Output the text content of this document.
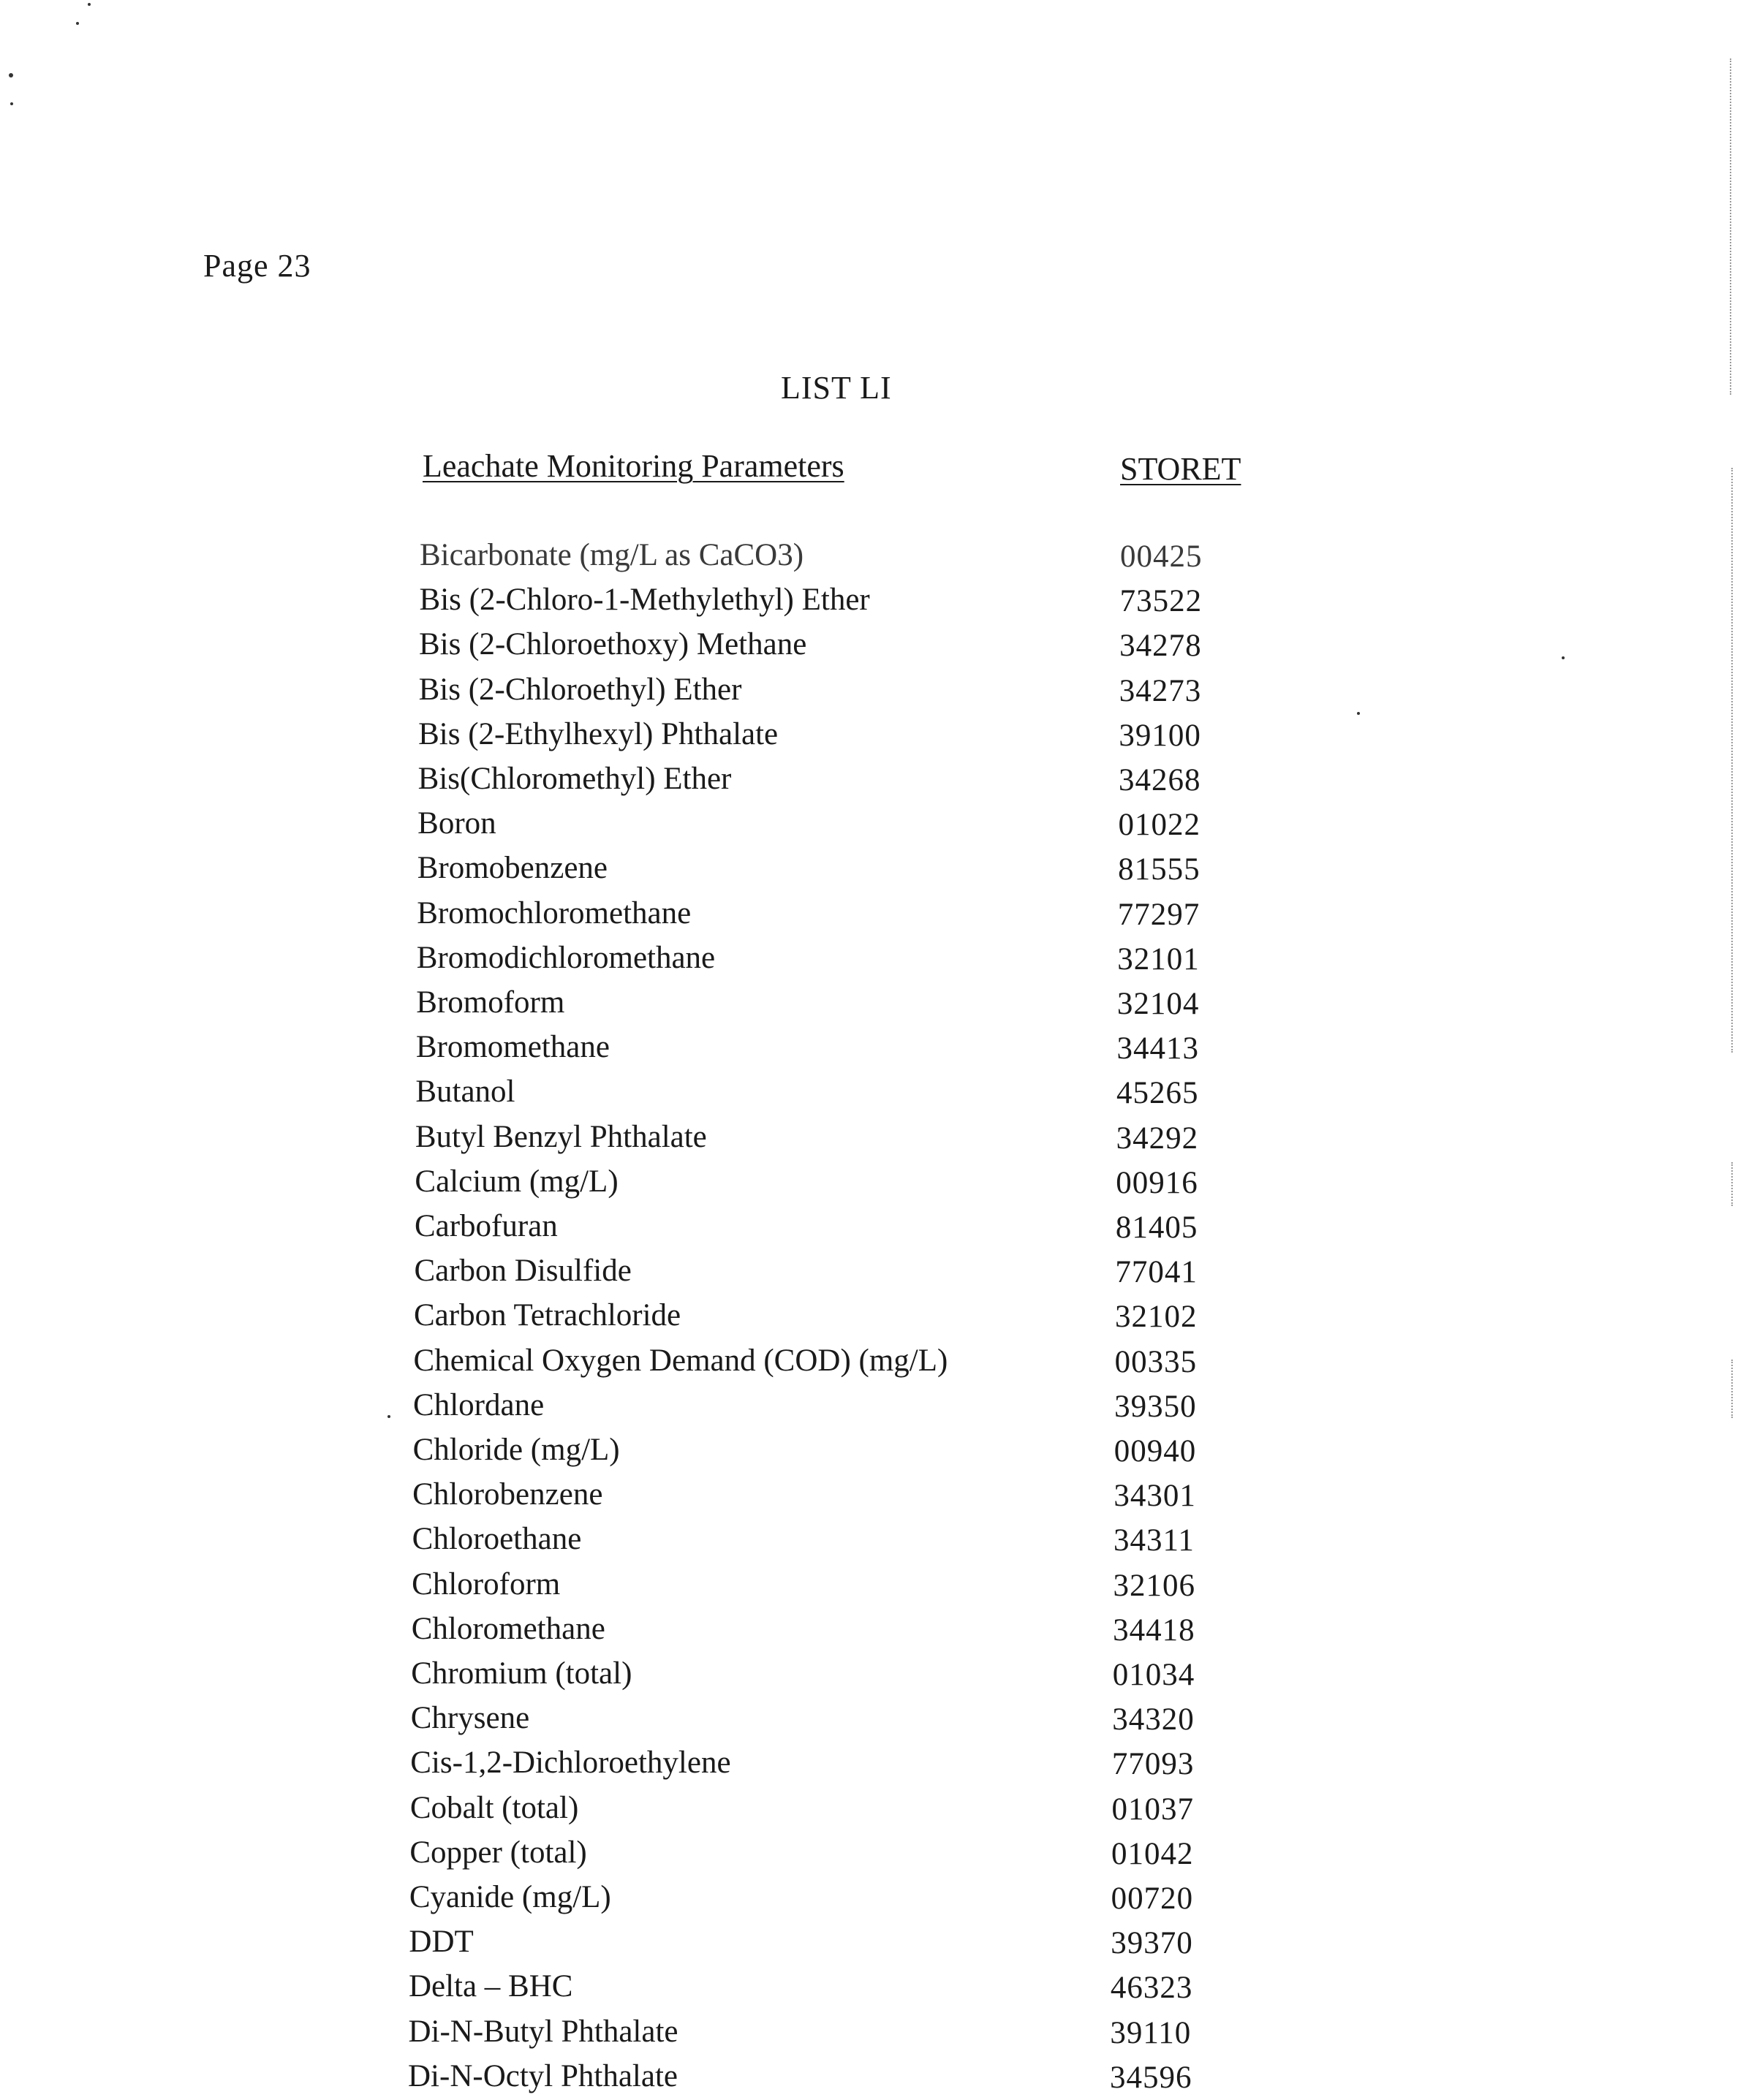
Page 23
LIST LI
Leachate Monitoring Parameters	STORET
Bicarbonate (mg/L as CaCO3)	00425
Bis (2-Chloro-1-Methylethyl) Ether	73522
Bis (2-Chloroethoxy) Methane	34278
Bis (2-Chloroethyl) Ether	34273
Bis (2-Ethylhexyl) Phthalate	39100
Bis(Chloromethyl) Ether	34268
Boron	01022
Bromobenzene	81555
Bromochloromethane	77297
Bromodichloromethane	32101
Bromoform	32104
Bromomethane	34413
Butanol	45265
Butyl Benzyl Phthalate	34292
Calcium (mg/L)	00916
Carbofuran	81405
Carbon Disulfide	77041
Carbon Tetrachloride	32102
Chemical Oxygen Demand (COD) (mg/L)	00335
Chlordane	39350
Chloride (mg/L)	00940
Chlorobenzene	34301
Chloroethane	34311
Chloroform	32106
Chloromethane	34418
Chromium (total)	01034
Chrysene	34320
Cis-1,2-Dichloroethylene	77093
Cobalt (total)	01037
Copper (total)	01042
Cyanide (mg/L)	00720
DDT	39370
Delta – BHC	46323
Di-N-Butyl Phthalate	39110
Di-N-Octyl Phthalate	34596
